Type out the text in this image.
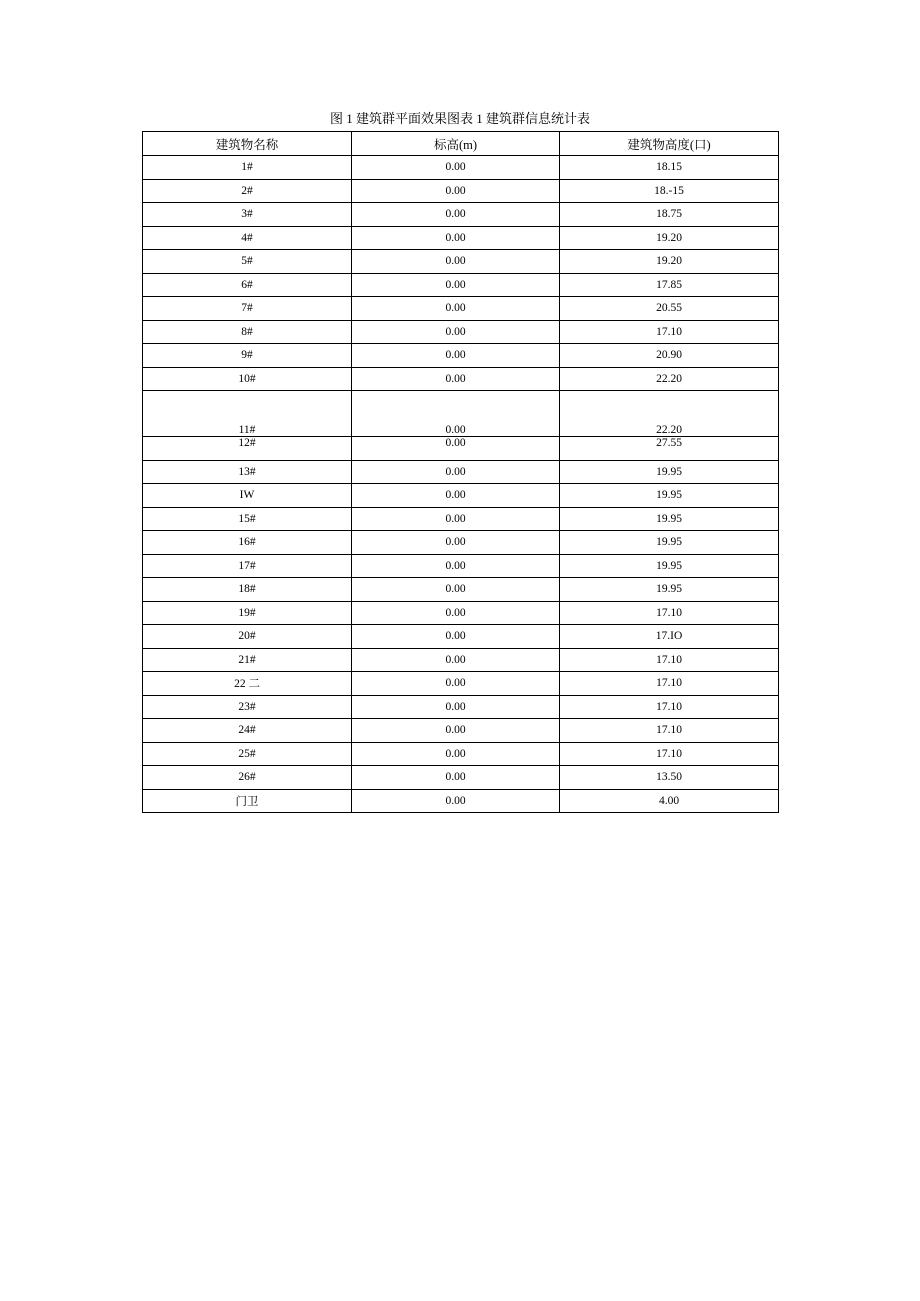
图 1 建筑群平面效果图表 1 建筑群信息统计表
建筑物名称	标高(m)	建筑物高度(口)
1#	0.00	18.15
2#	0.00	18.-15
3#	0.00	18.75
4#	0.00	19.20
5#	0.00	19.20
6#	0.00	17.85
7#	0.00	20.55
8#	0.00	17.10
9#	0.00	20.90
10#	0.00	22.20
11#	0.00	22.20
12#	0.00	27.55
13#	0.00	19.95
IW	0.00	19.95
15#	0.00	19.95
16#	0.00	19.95
17#	0.00	19.95
18#	0.00	19.95
19#	0.00	17.10
20#	0.00	17.IO
21#	0.00	17.10
22 二	0.00	17.10
23#	0.00	17.10
24#	0.00	17.10
25#	0.00	17.10
26#	0.00	13.50
门卫	0.00	4.00
